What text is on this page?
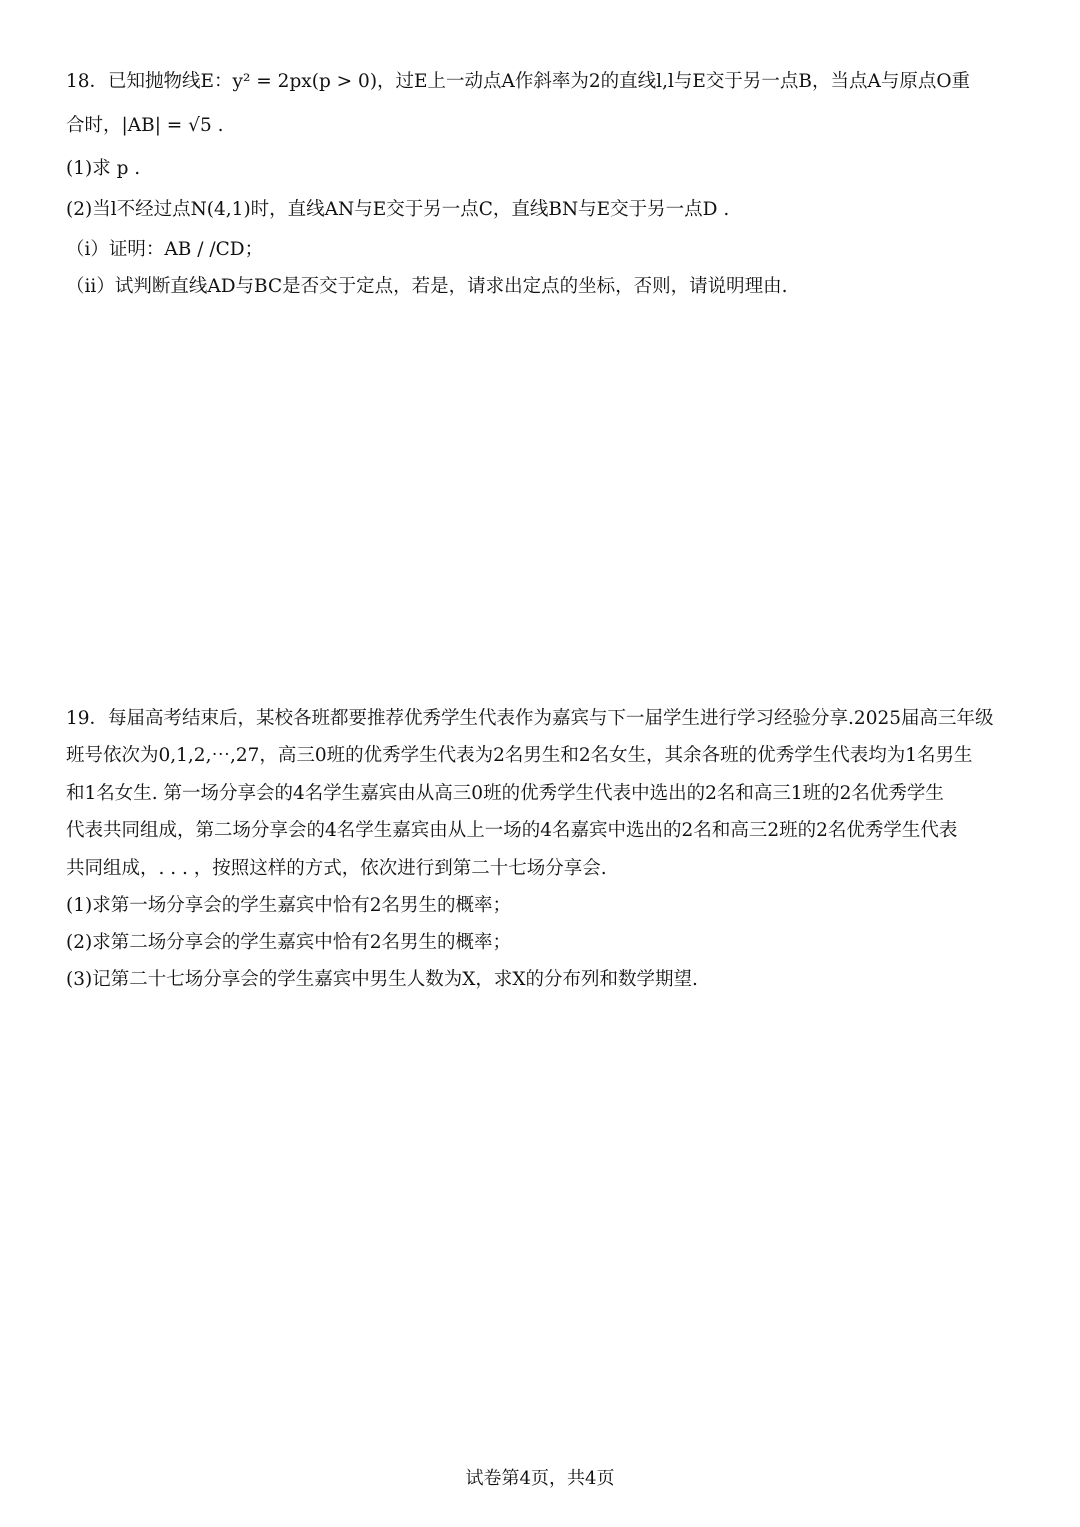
18．已知抛物线E：y² = 2px(p > 0)，过E上一动点A作斜率为2的直线l,l与E交于另一点B，当点A与原点O重
合时，|AB| = √5 .
(1)求 p .
(2)当l不经过点N(4,1)时，直线AN与E交于另一点C，直线BN与E交于另一点D .
（i）证明：AB / /CD；
（ii）试判断直线AD与BC是否交于定点，若是，请求出定点的坐标，否则，请说明理由.
19．每届高考结束后，某校各班都要推荐优秀学生代表作为嘉宾与下一届学生进行学习经验分享.2025届高三年级
班号依次为0,1,2,⋯,27，高三0班的优秀学生代表为2名男生和2名女生，其余各班的优秀学生代表均为1名男生
和1名女生. 第一场分享会的4名学生嘉宾由从高三0班的优秀学生代表中选出的2名和高三1班的2名优秀学生
代表共同组成，第二场分享会的4名学生嘉宾由从上一场的4名嘉宾中选出的2名和高三2班的2名优秀学生代表
共同组成，. . . ，按照这样的方式，依次进行到第二十七场分享会.
(1)求第一场分享会的学生嘉宾中恰有2名男生的概率；
(2)求第二场分享会的学生嘉宾中恰有2名男生的概率；
(3)记第二十七场分享会的学生嘉宾中男生人数为X，求X的分布列和数学期望.
试卷第4页，共4页
